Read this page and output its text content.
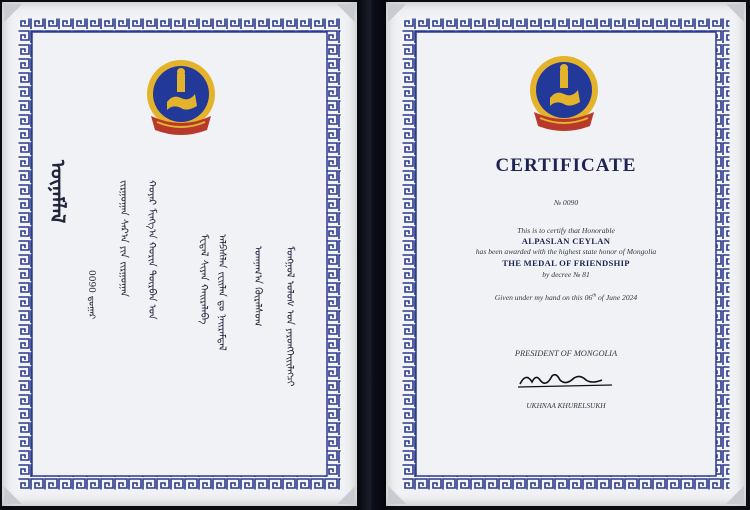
ᠮᠣᠩᠭᠣᠯ ᠤᠯᠤᠰ ᠤᠨ ᠶᠡᠷᠦᠩᠬᠡᠢᠢᠯᠡᠭᠴᠢ
ᠤᠬᠨᠠᠭ᠎ᠠ ᠬᠦᠷᠡᠯᠰᠦᠬ
ᠠᠯᠫᠠᠰᠯᠠᠨ ᠵᠧᠢᠯᠠᠨ ᠳᠤ ᠨᠠᠢᠷᠠᠮᠳᠠᠯ
ᠮᠧᠳᠠᠯ ᠰᠢᠶᠠᠨ ᠬᠠᠢᠷᠠᠯᠠᠪᠠ
ᠬᠣᠶᠠᠷ ᠮᠢᠩᠭ᠎ᠠ ᠬᠣᠷᠢᠨ ᠳᠥᠷᠪᠡᠨ ᠣᠨ
ᠵᠢᠷᠭᠤᠭᠠᠨ ᠰᠠᠷ᠎ᠠ ᠶᠢᠨ ᠵᠢᠷᠭᠤᠭᠠᠨ
ᠦᠨᠡᠮᠯᠡᠯ
0090 ᠳ᠋ᠤᠭᠠᠷ
CERTIFICATE
№ 0090
This is to certify that Honorable
ALPASLAN CEYLAN
has been awarded with the highest state honor of Mongolia
THE MEDAL OF FRIENDSHIP
by decree № 81
Given under my hand on this 06th of June 2024
PRESIDENT OF MONGOLIA
UKHNAA KHURELSUKH
